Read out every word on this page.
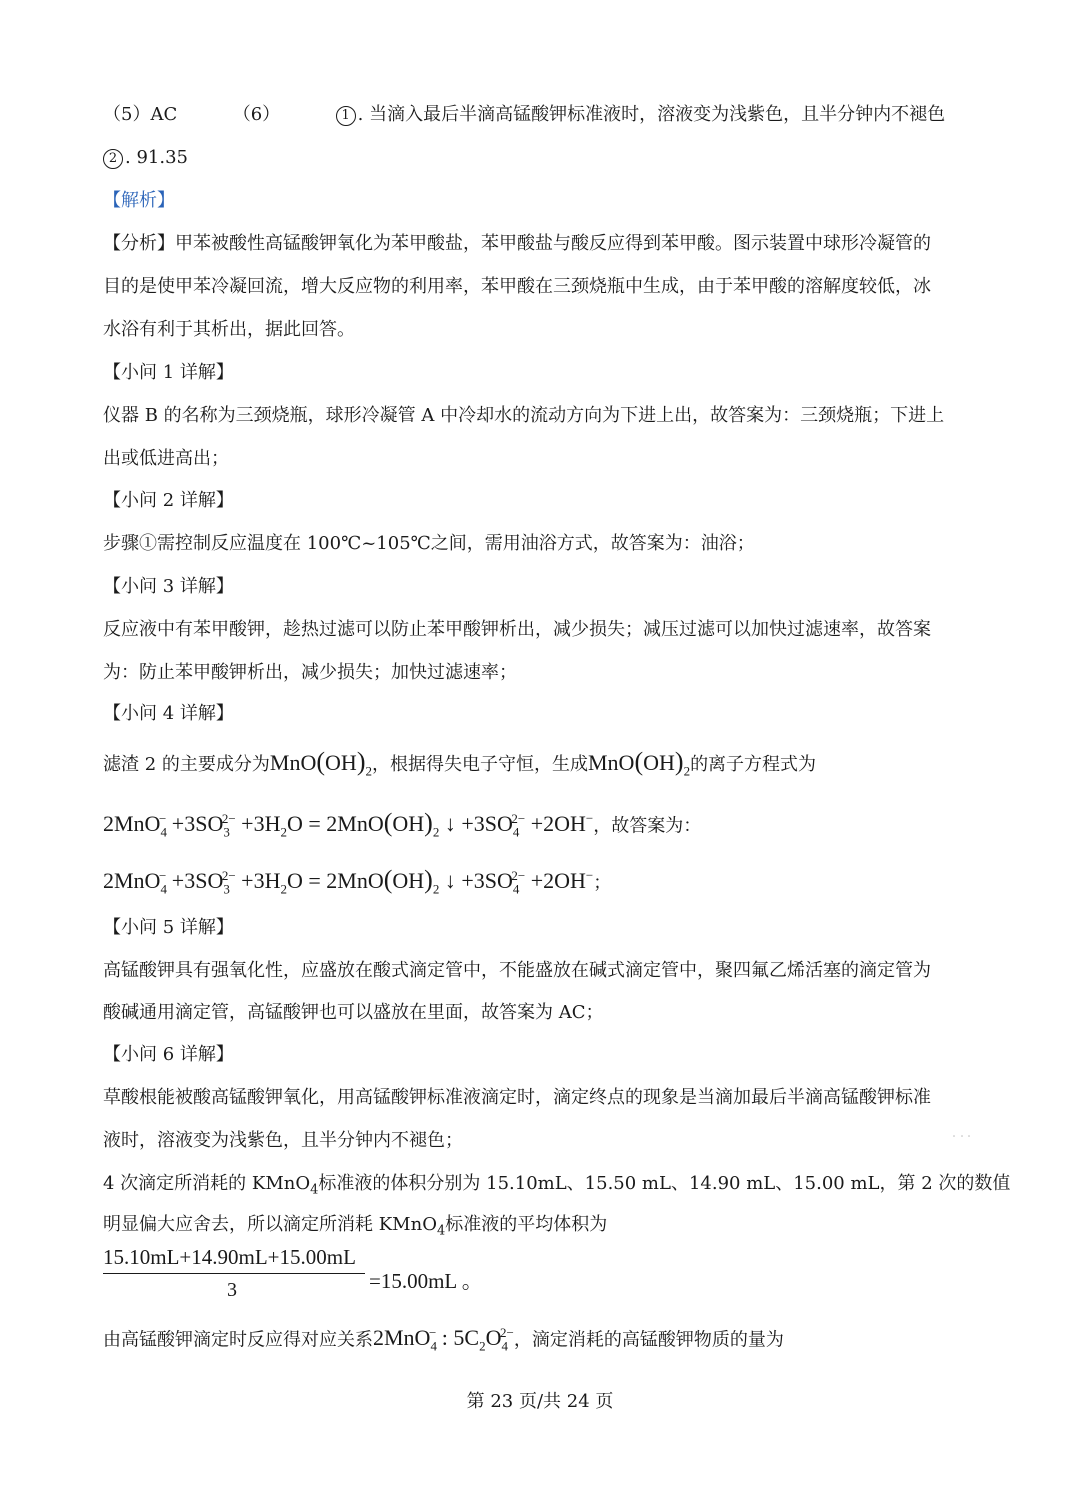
（5）AC	（6）	1 . 当滴入最后半滴高锰酸钾标准液时，溶液变为浅紫色，且半分钟内不褪色
2 . 91.35
【解析】
【分析】甲苯被酸性高锰酸钾氧化为苯甲酸盐，苯甲酸盐与酸反应得到苯甲酸。图示装置中球形冷凝管的
目的是使甲苯冷凝回流，增大反应物的利用率，苯甲酸在三颈烧瓶中生成，由于苯甲酸的溶解度较低，冰
水浴有利于其析出，据此回答。
【小问 1 详解】
仪器 B 的名称为三颈烧瓶，球形冷凝管 A 中冷却水的流动方向为下进上出，故答案为：三颈烧瓶；下进上
出或低进高出；
【小问 2 详解】
步骤①需控制反应温度在 100℃~105℃之间，需用油浴方式，故答案为：油浴；
【小问 3 详解】
反应液中有苯甲酸钾，趁热过滤可以防止苯甲酸钾析出，减少损失；减压过滤可以加快过滤速率，故答案
为：防止苯甲酸钾析出，减少损失；加快过滤速率；
【小问 4 详解】
滤渣 2 的主要成分为$MnO(OH)_2$，根据得失电子守恒，生成$MnO(OH)_2$的离子方程式为
$2MnO_4^- +3SO_3^{2-} +3H_2O = 2MnO(OH)_2$ ↓ $+3SO_4^{2-} +2OH^-$，故答案为：
$2MnO_4^- +3SO_3^{2-} +3H_2O = 2MnO(OH)_2$ ↓ $+3SO_4^{2-} +2OH^-$；
【小问 5 详解】
高锰酸钾具有强氧化性，应盛放在酸式滴定管中，不能盛放在碱式滴定管中，聚四氟乙烯活塞的滴定管为
酸碱通用滴定管，高锰酸钾也可以盛放在里面，故答案为 AC；
【小问 6 详解】
草酸根能被酸高锰酸钾氧化，用高锰酸钾标准液滴定时，滴定终点的现象是当滴加最后半滴高锰酸钾标准
液时，溶液变为浅紫色，且半分钟内不褪色；
4 次滴定所消耗的 KMnO$_4$标准液的体积分别为 15.10mL、15.50 mL、14.90 mL、15.00 mL，第 2 次的数值
明显偏大应舍去，所以滴定所消耗 KMnO$_4$标准液的平均体积为
15.10mL+14.90mL+15.00mL
3	=15.00mL 。
由高锰酸钾滴定时反应得对应关系2MnO$_4$− : $5C_2O_4^{2-}$，滴定消耗的高锰酸钾物质的量为
第 23 页/共 24 页
